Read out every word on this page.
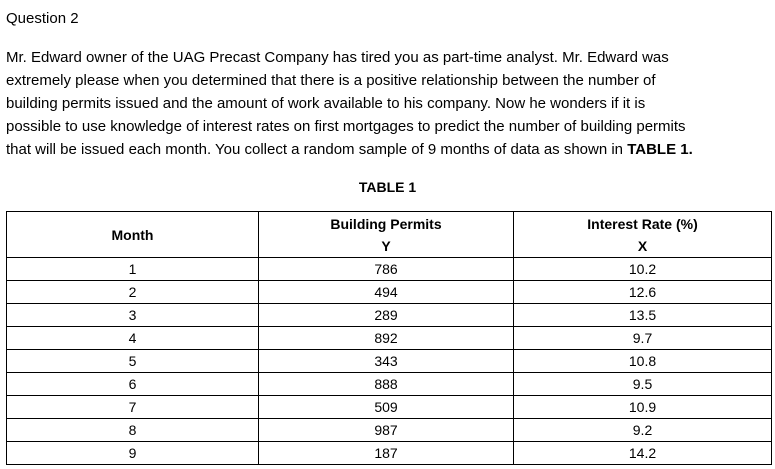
Question 2
Mr. Edward owner of the UAG Precast Company has tired you as part-time analyst. Mr. Edward was
extremely please when you determined that there is a positive relationship between the number of
building permits issued and the amount of work available to his company. Now he wonders if it is
possible to use knowledge of interest rates on first mortgages to predict the number of building permits
that will be issued each month. You collect a random sample of 9 months of data as shown in TABLE 1.
TABLE 1
Month	Building Permits	Interest Rate (%)
	Y	X
1	786	10.2
2	494	12.6
3	289	13.5
4	892	9.7
5	343	10.8
6	888	9.5
7	509	10.9
8	987	9.2
9	187	14.2
